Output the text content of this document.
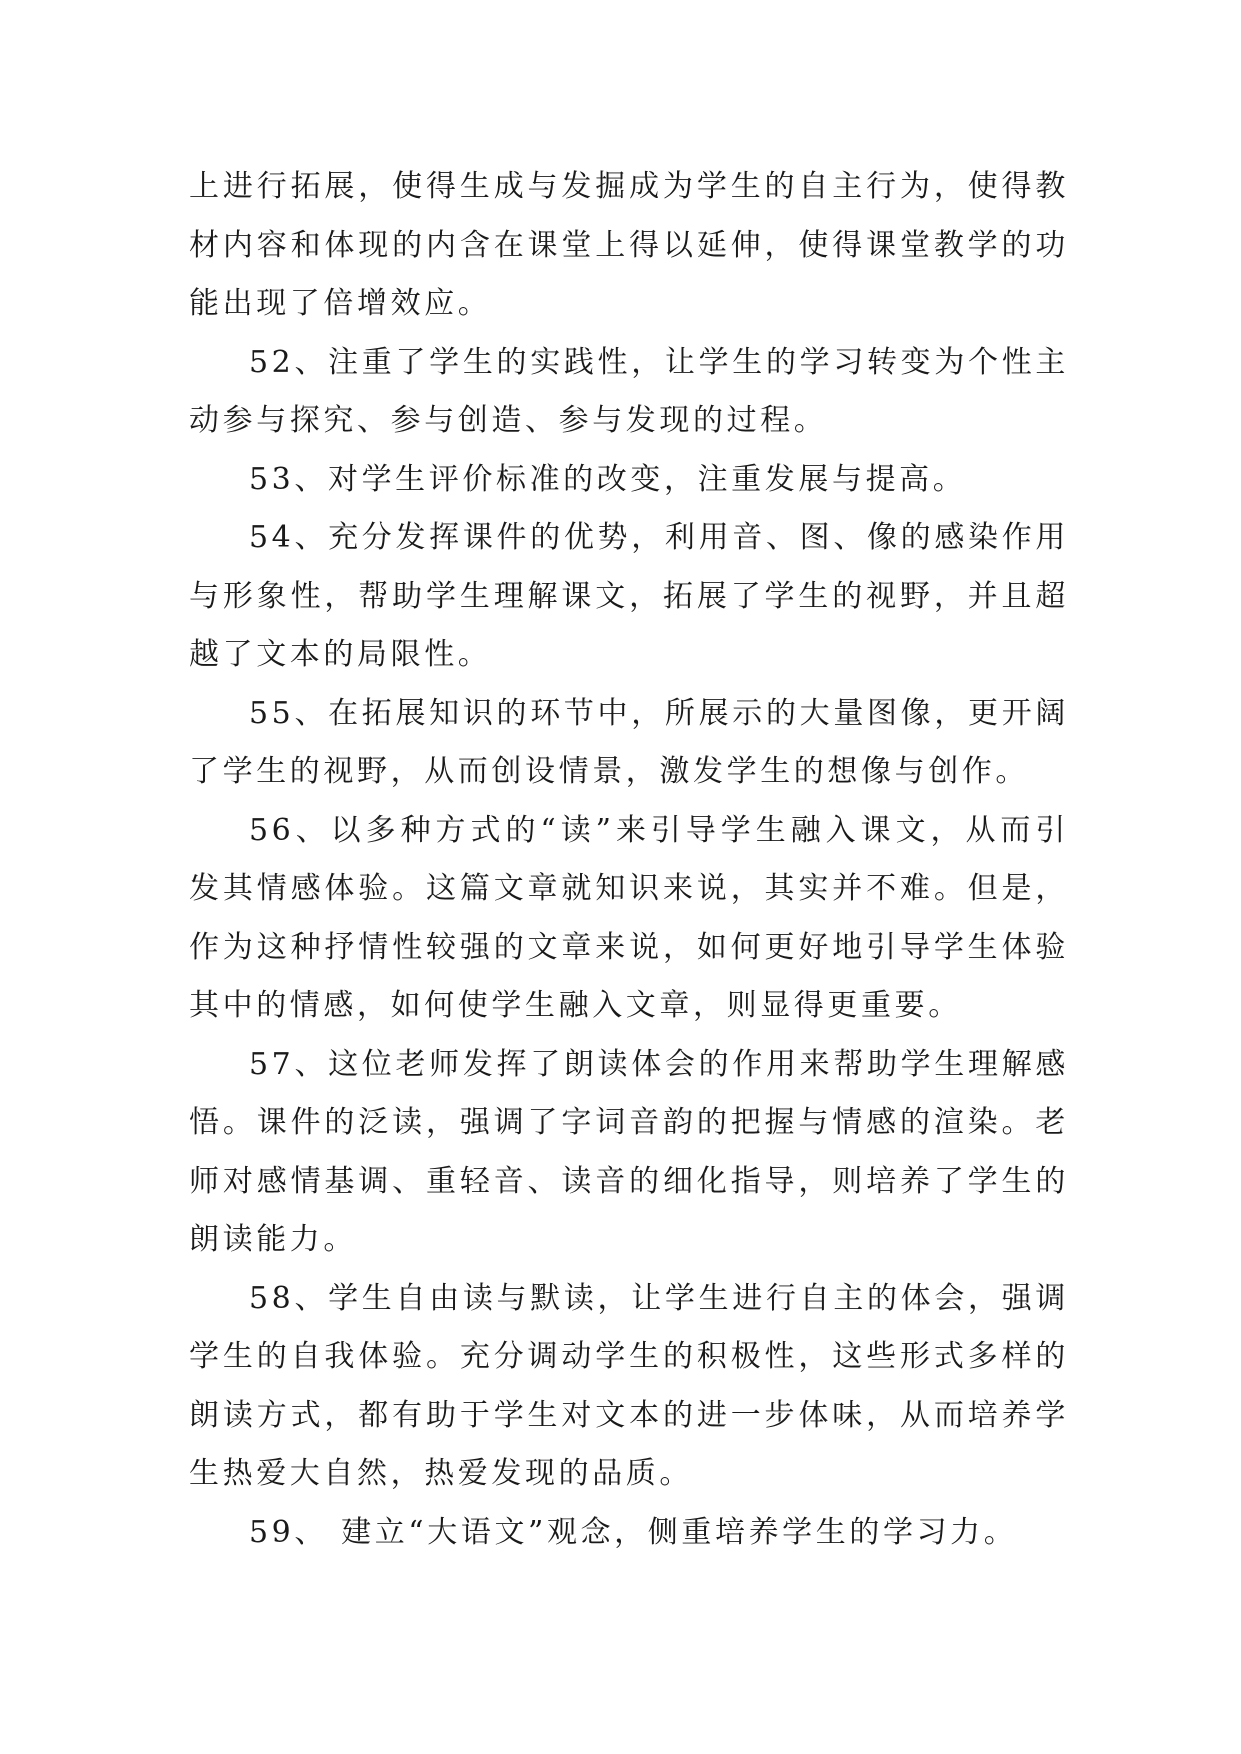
上进行拓展，使得生成与发掘成为学生的自主行为，使得教材内容和体现的内含在课堂上得以延伸，使得课堂教学的功能出现了倍增效应。

52、注重了学生的实践性，让学生的学习转变为个性主动参与探究、参与创造、参与发现的过程。

53、对学生评价标准的改变，注重发展与提高。

54、充分发挥课件的优势，利用音、图、像的感染作用与形象性，帮助学生理解课文，拓展了学生的视野，并且超越了文本的局限性。

55、在拓展知识的环节中，所展示的大量图像，更开阔了学生的视野，从而创设情景，激发学生的想像与创作。

56、以多种方式的“读”来引导学生融入课文，从而引发其情感体验。这篇文章就知识来说，其实并不难。但是，作为这种抒情性较强的文章来说，如何更好地引导学生体验其中的情感，如何使学生融入文章，则显得更重要。

57、这位老师发挥了朗读体会的作用来帮助学生理解感悟。课件的泛读，强调了字词音韵的把握与情感的渲染。老师对感情基调、重轻音、读音的细化指导，则培养了学生的朗读能力。

58、学生自由读与默读，让学生进行自主的体会，强调学生的自我体验。充分调动学生的积极性，这些形式多样的朗读方式，都有助于学生对文本的进一步体味，从而培养学生热爱大自然，热爱发现的品质。

59、 建立“大语文”观念，侧重培养学生的学习力。
